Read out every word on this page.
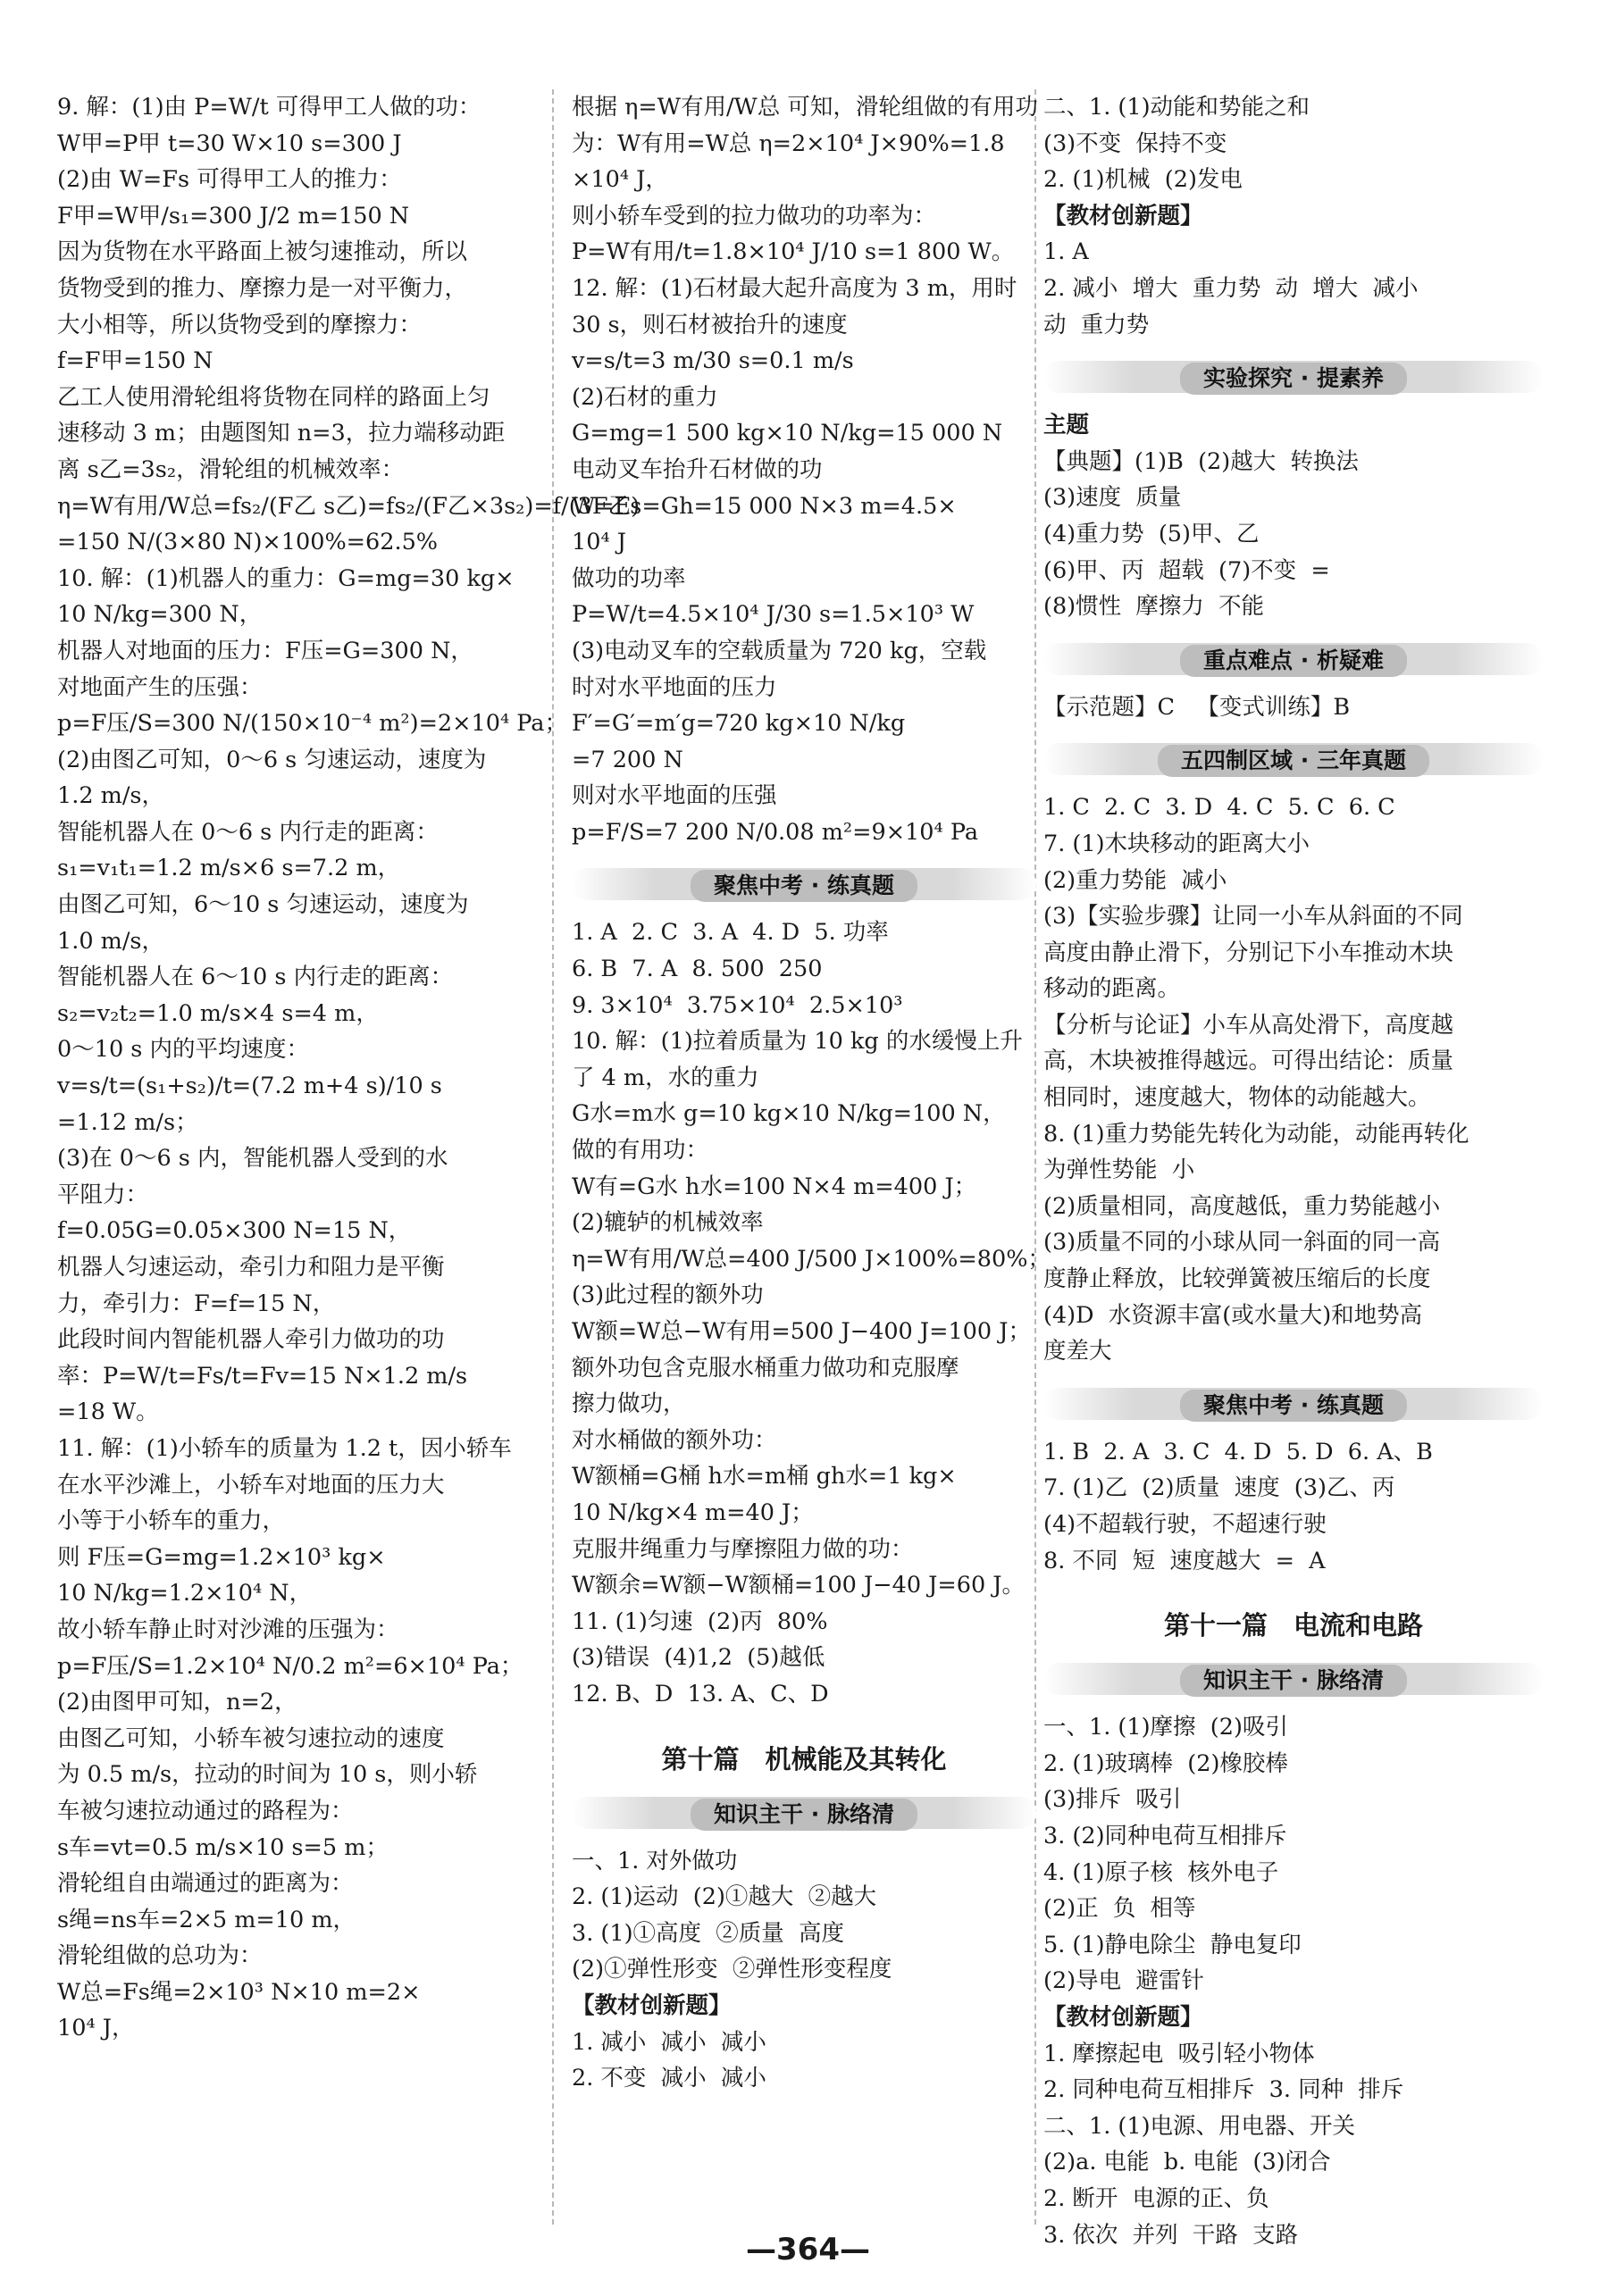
9. 解：(1)由 P=W/t 可得甲工人做的功：
W甲=P甲 t=30 W×10 s=300 J
(2)由 W=Fs 可得甲工人的推力：
F甲=W甲/s₁=300 J/2 m=150 N
因为货物在水平路面上被匀速推动，所以
货物受到的推力、摩擦力是一对平衡力，
大小相等，所以货物受到的摩擦力：
f=F甲=150 N
乙工人使用滑轮组将货物在同样的路面上匀
速移动 3 m；由题图知 n=3，拉力端移动距
离 s乙=3s₂，滑轮组的机械效率：
η=W有用/W总=fs₂/(F乙 s乙)=fs₂/(F乙×3s₂)=f/(3F乙)
=150 N/(3×80 N)×100%=62.5%
10. 解：(1)机器人的重力：G=mg=30 kg×
10 N/kg=300 N，
机器人对地面的压力：F压=G=300 N，
对地面产生的压强：
p=F压/S=300 N/(150×10⁻⁴ m²)=2×10⁴ Pa；
(2)由图乙可知，0～6 s 匀速运动，速度为
1.2 m/s，
智能机器人在 0～6 s 内行走的距离：
s₁=v₁t₁=1.2 m/s×6 s=7.2 m，
由图乙可知，6～10 s 匀速运动，速度为
1.0 m/s，
智能机器人在 6～10 s 内行走的距离：
s₂=v₂t₂=1.0 m/s×4 s=4 m，
0～10 s 内的平均速度：
v=s/t=(s₁+s₂)/t=(7.2 m+4 s)/10 s
=1.12 m/s；
(3)在 0～6 s 内，智能机器人受到的水
平阻力：
f=0.05G=0.05×300 N=15 N，
机器人匀速运动，牵引力和阻力是平衡
力，牵引力：F=f=15 N，
此段时间内智能机器人牵引力做功的功
率：P=W/t=Fs/t=Fv=15 N×1.2 m/s
=18 W。
11. 解：(1)小轿车的质量为 1.2 t，因小轿车
在水平沙滩上，小轿车对地面的压力大
小等于小轿车的重力，
则 F压=G=mg=1.2×10³ kg×
10 N/kg=1.2×10⁴ N，
故小轿车静止时对沙滩的压强为：
p=F压/S=1.2×10⁴ N/0.2 m²=6×10⁴ Pa；
(2)由图甲可知，n=2，
由图乙可知，小轿车被匀速拉动的速度
为 0.5 m/s，拉动的时间为 10 s，则小轿
车被匀速拉动通过的路程为：
s车=vt=0.5 m/s×10 s=5 m；
滑轮组自由端通过的距离为：
s绳=ns车=2×5 m=10 m，
滑轮组做的总功为：
W总=Fs绳=2×10³ N×10 m=2×
10⁴ J，
根据 η=W有用/W总 可知，滑轮组做的有用功
为：W有用=W总 η=2×10⁴ J×90%=1.8
×10⁴ J，
则小轿车受到的拉力做功的功率为：
P=W有用/t=1.8×10⁴ J/10 s=1 800 W。
12. 解：(1)石材最大起升高度为 3 m，用时
30 s，则石材被抬升的速度
v=s/t=3 m/30 s=0.1 m/s
(2)石材的重力
G=mg=1 500 kg×10 N/kg=15 000 N
电动叉车抬升石材做的功
W=Fs=Gh=15 000 N×3 m=4.5×
10⁴ J
做功的功率
P=W/t=4.5×10⁴ J/30 s=1.5×10³ W
(3)电动叉车的空载质量为 720 kg，空载
时对水平地面的压力
F′=G′=m′g=720 kg×10 N/kg
=7 200 N
则对水平地面的压强
p=F/S=7 200 N/0.08 m²=9×10⁴ Pa
聚焦中考 · 练真题
1. A  2. C  3. A  4. D  5. 功率
6. B  7. A  8. 500  250
9. 3×10⁴  3.75×10⁴  2.5×10³
10. 解：(1)拉着质量为 10 kg 的水缓慢上升
了 4 m，水的重力
G水=m水 g=10 kg×10 N/kg=100 N，
做的有用功：
W有=G水 h水=100 N×4 m=400 J；
(2)辘轳的机械效率
η=W有用/W总=400 J/500 J×100%=80%；
(3)此过程的额外功
W额=W总−W有用=500 J−400 J=100 J；
额外功包含克服水桶重力做功和克服摩
擦力做功，
对水桶做的额外功：
W额桶=G桶 h水=m桶 gh水=1 kg×
10 N/kg×4 m=40 J；
克服井绳重力与摩擦阻力做的功：
W额余=W额−W额桶=100 J−40 J=60 J。
11. (1)匀速  (2)丙  80%
(3)错误  (4)1,2  (5)越低
12. B、D  13. A、C、D
第十篇　机械能及其转化
知识主干 · 脉络清
一、1. 对外做功
2. (1)运动  (2)①越大  ②越大
3. (1)①高度  ②质量  高度
(2)①弹性形变  ②弹性形变程度
【教材创新题】
1. 减小  减小  减小
2. 不变  减小  减小
二、1. (1)动能和势能之和
(3)不变  保持不变
2. (1)机械  (2)发电
【教材创新题】
1. A
2. 减小  增大  重力势  动  增大  减小
动  重力势
实验探究 · 提素养
主题
【典题】(1)B  (2)越大  转换法
(3)速度  质量
(4)重力势  (5)甲、乙
(6)甲、丙  超载  (7)不变  =
(8)惯性  摩擦力  不能
重点难点 · 析疑难
【示范题】C   【变式训练】B
五四制区域 · 三年真题
1. C  2. C  3. D  4. C  5. C  6. C
7. (1)木块移动的距离大小
(2)重力势能  减小
(3)【实验步骤】让同一小车从斜面的不同
高度由静止滑下，分别记下小车推动木块
移动的距离。
【分析与论证】小车从高处滑下，高度越
高，木块被推得越远。可得出结论：质量
相同时，速度越大，物体的动能越大。
8. (1)重力势能先转化为动能，动能再转化
为弹性势能  小
(2)质量相同，高度越低，重力势能越小
(3)质量不同的小球从同一斜面的同一高
度静止释放，比较弹簧被压缩后的长度
(4)D  水资源丰富(或水量大)和地势高
度差大
聚焦中考 · 练真题
1. B  2. A  3. C  4. D  5. D  6. A、B
7. (1)乙  (2)质量  速度  (3)乙、丙
(4)不超载行驶，不超速行驶
8. 不同  短  速度越大  =  A
第十一篇　电流和电路
知识主干 · 脉络清
一、1. (1)摩擦  (2)吸引
2. (1)玻璃棒  (2)橡胶棒
(3)排斥  吸引
3. (2)同种电荷互相排斥
4. (1)原子核  核外电子
(2)正  负  相等
5. (1)静电除尘  静电复印
(2)导电  避雷针
【教材创新题】
1. 摩擦起电  吸引轻小物体
2. 同种电荷互相排斥  3. 同种  排斥
二、1. (1)电源、用电器、开关
(2)a. 电能  b. 电能  (3)闭合
2. 断开  电源的正、负
3. 依次  并列  干路  支路
—364—
